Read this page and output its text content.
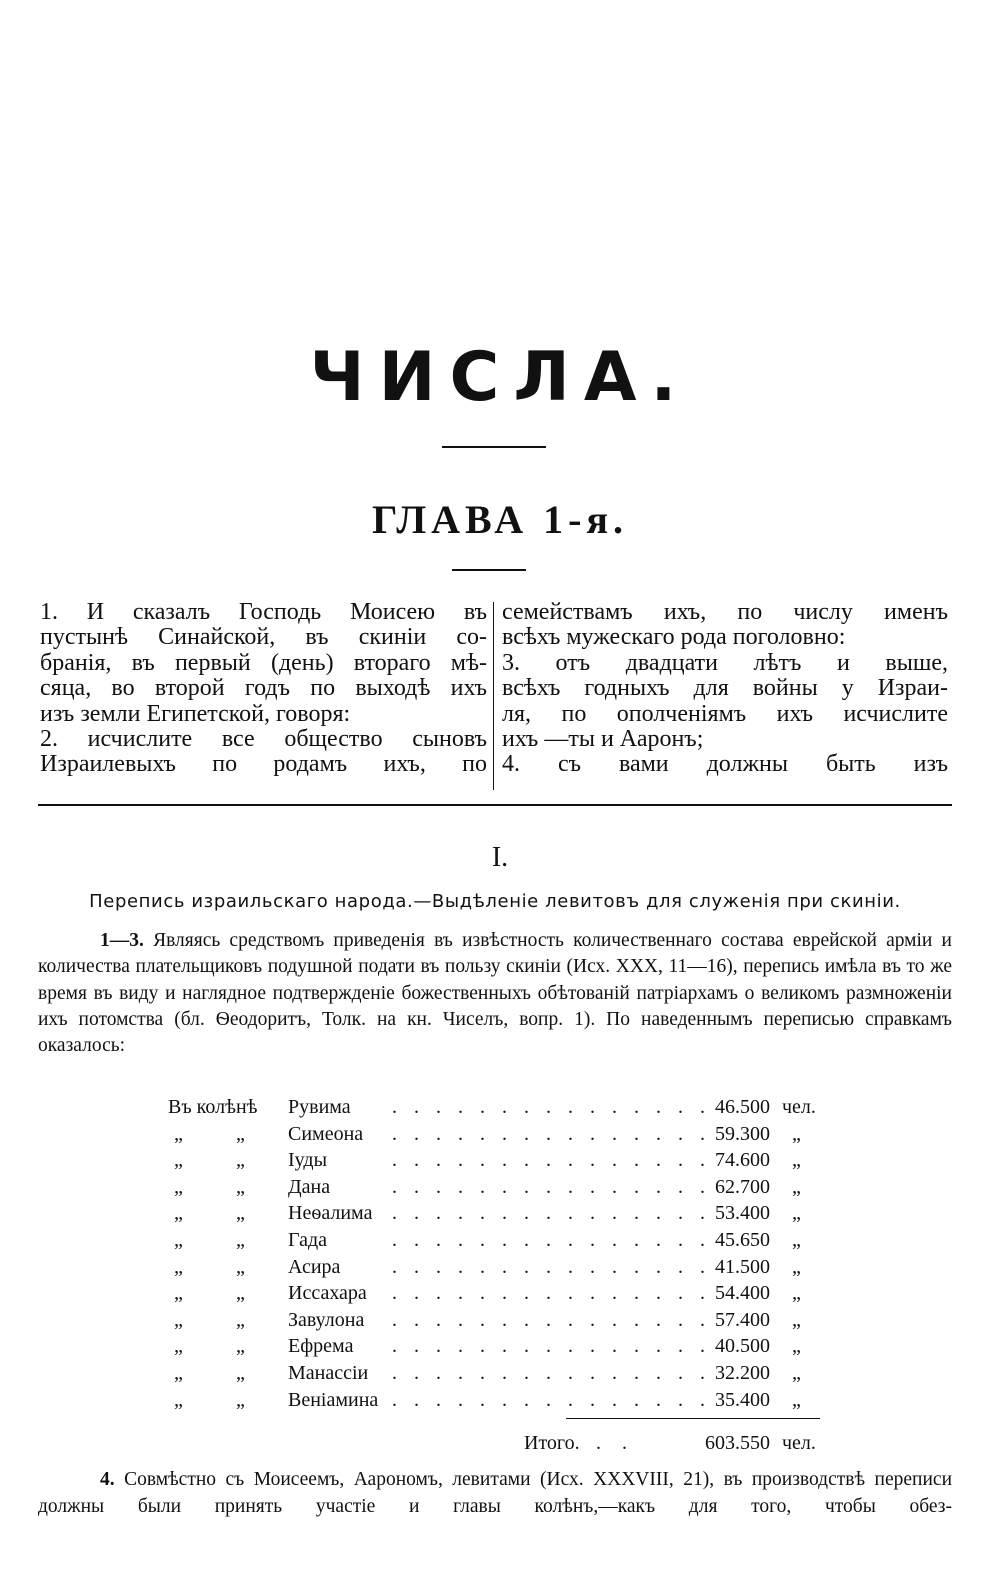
ЧИСЛА.
ГЛАВА 1-я.

1. И сказалъ Господь Моисею въ

пустынѣ Синайской, въ скиніи со-

бранія, въ первый (день) втораго мѣ-

сяца, во второй годъ по выходѣ ихъ

изъ земли Египетской, говоря:

2. исчислите все общество сыновъ

Израилевыхъ по родамъ ихъ, по

семействамъ ихъ, по числу именъ

всѣхъ мужескаго рода поголовно:

3. отъ двадцати лѣтъ и выше,

всѣхъ годныхъ для войны у Израи-

ля, по ополченіямъ ихъ исчислите

ихъ —ты и Ааронъ;

4. съ вами должны быть изъ

I.
Перепись израильскаго народа.—Выдѣленіе левитовъ для служенія при скиніи.

1—3. Являясь средствомъ приведенія въ извѣстность количественнаго состава еврейской арміи и количества плательщиковъ подушной подати въ пользу скиніи (Исх. XXX, 11—16), перепись имѣла въ то же время въ виду и наглядное подтвержденіе божественныхъ обѣтованій патріархамъ о великомъ размноженіи ихъ потомства (бл. Ѳеодоритъ, Толк. на кн. Чиселъ, вопр. 1). По наведеннымъ переписью справкамъ оказалось:

Въ колѣнѣ Рувима . . . . . . . . . . . . . . . 46.500 чел.
„	„ Симеона . . . . . . . . . . . . . . . 59.300 „
„	„ Іуды	. . . . . . . . . . . . . . . 74.600 „
„	„ Дана	. . . . . . . . . . . . . . . 62.700 „
„	„ Неѳалима . . . . . . . . . . . . . . . 53.400 „
„	„ Гада	. . . . . . . . . . . . . . . 45.650 „
„	„ Асира	. . . . . . . . . . . . . . . 41.500 „
„	„ Иссахара . . . . . . . . . . . . . . . 54.400 „
„	„ Завулона . . . . . . . . . . . . . . . 57.400 „
„	„ Ефрема . . . . . . . . . . . . . . . 40.500 „
„	„ Манассіи . . . . . . . . . . . . . . . 32.200 „
„	„ Веніамина . . . . . . . . . . . . . . . 35.400 „
Итого. . .	603.550 чел.

4. Совмѣстно съ Моисеемъ, Аарономъ, левитами (Исх. XXXVIII, 21), въ производствѣ переписи должны были принять участіе и главы колѣнъ,—какъ для того, чтобы обез-
